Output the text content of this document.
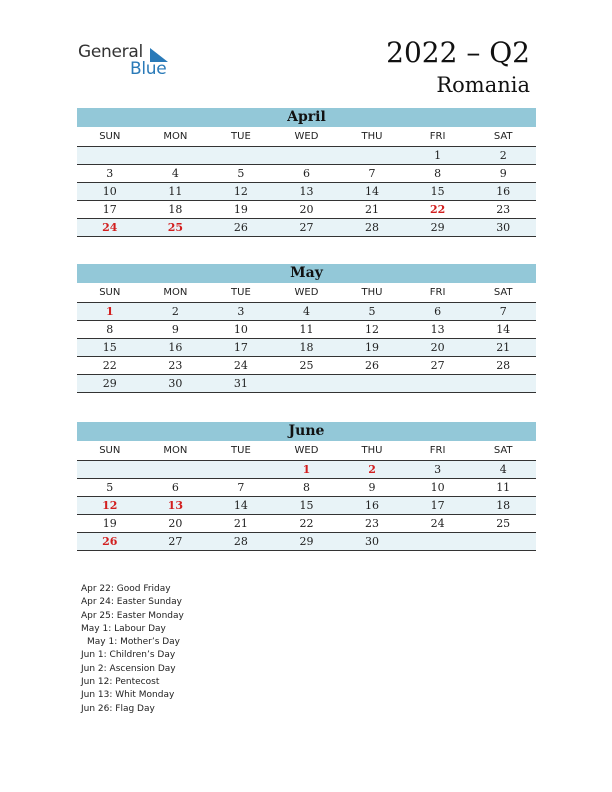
General
Blue	2022 – Q2
Romania
April
SUN	MON	TUE	WED	THU	FRI	SAT
					1	2
3	4	5	6	7	8	9
10	11	12	13	14	15	16
17	18	19	20	21	22	23
24	25	26	27	28	29	30
May
SUN	MON	TUE	WED	THU	FRI	SAT
1	2	3	4	5	6	7
8	9	10	11	12	13	14
15	16	17	18	19	20	21
22	23	24	25	26	27	28
29	30	31				
June
SUN	MON	TUE	WED	THU	FRI	SAT
			1	2	3	4
5	6	7	8	9	10	11
12	13	14	15	16	17	18
19	20	21	22	23	24	25
26	27	28	29	30		
Apr 22: Good Friday
Apr 24: Easter Sunday
Apr 25: Easter Monday
May 1: Labour Day
May 1: Mother’s Day
Jun 1: Children’s Day
Jun 2: Ascension Day
Jun 12: Pentecost
Jun 13: Whit Monday
Jun 26: Flag Day
